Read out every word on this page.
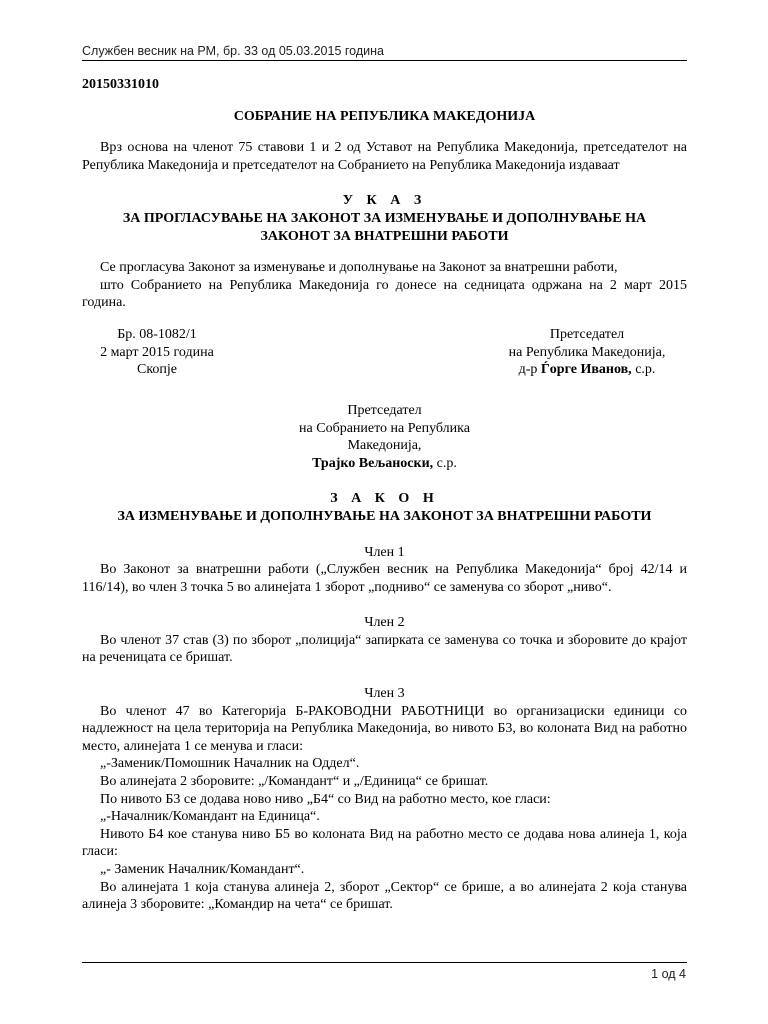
Службен весник на РМ, бр. 33 од 05.03.2015 година
20150331010
СОБРАНИЕ НА РЕПУБЛИКА МАКЕДОНИЈА
Врз основа на членот 75 ставови 1 и 2 од Уставот на Република Македонија, претседателот на Република Македонија и претседателот на Собранието на Република Македонија издаваат
У К А З
ЗА ПРОГЛАСУВАЊЕ НА ЗАКОНОТ ЗА ИЗМЕНУВАЊЕ И ДОПОЛНУВАЊЕ НА
ЗАКОНОТ ЗА ВНАТРЕШНИ РАБОТИ
Се прогласува Законот за изменување и дополнување на Законот за внатрешни работи,
што Собранието на Република Македонија го донесе на седницата одржана на 2 март 2015 година.
Бр. 08-1082/1
2 март 2015 година
Скопје
Претседател
на Република Македонија,
д-р Ѓорге Иванов, с.р.
Претседател
на Собранието на Република
Македонија,
Трајко Вељаноски, с.р.
З А К О Н
ЗА ИЗМЕНУВАЊЕ И ДОПОЛНУВАЊЕ НА ЗАКОНОТ ЗА ВНАТРЕШНИ РАБОТИ
Член 1
Во Законот за внатрешни работи („Службен весник на Република Македонија“ број 42/14 и 116/14), во член 3 точка 5 во алинејата 1 зборот „подниво“ се заменува со зборот „ниво“.
Член 2
Во членот 37 став (3) по зборот „полиција“ запирката се заменува со точка и зборовите до крајот на реченицата се бришат.
Член 3
Во членот 47 во Категорија Б-РАКОВОДНИ РАБОТНИЦИ во организациски единици со надлежност на цела територија на Република Македонија, во нивото Б3, во колоната Вид на работно место, алинејата 1 се менува и гласи:
„-Заменик/Помошник Началник на Оддел“.
Во алинејата 2 зборовите: „/Командант“ и „/Единица“ се бришат.
По нивото Б3 се додава ново ниво „Б4“ со Вид на работно место, кое гласи:
„-Началник/Командант на Единица“.
Нивото Б4 кое станува ниво Б5 во колоната Вид на работно место се додава нова алинеја 1, која гласи:
„- Заменик Началник/Командант“.
Во алинејата 1 која станува алинеја 2, зборот „Сектор“ се брише, а во алинејата 2 која станува алинеја 3 зборовите: „Командир на чета“ се бришат.
1 од 4
